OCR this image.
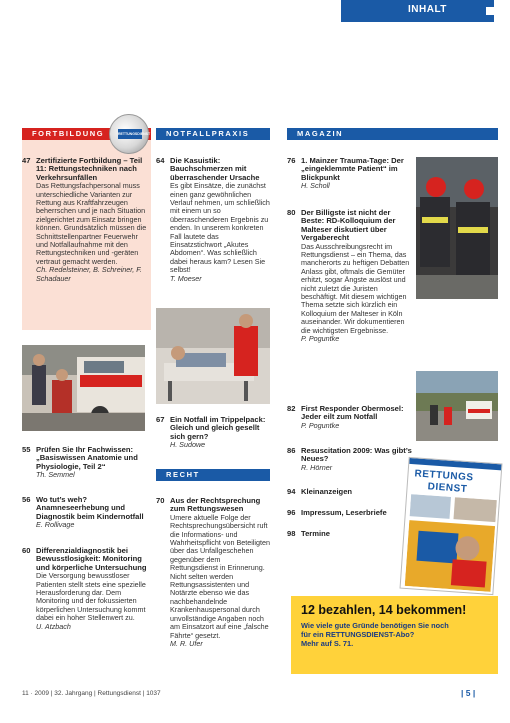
INHALT
FORTBILDUNG	NOTFALLPRAXIS	MAGAZIN
RETTUNGSDIENST
47 Zertifizierte Fortbildung – Teil 11: Rettungstechniken nach Verkehrsunfällen
Das Rettungsfachpersonal muss unterschiedliche Varianten zur Rettung aus Kraftfahrzeugen beherrschen und je nach Situation zielgerichtet zum Einsatz bringen können. Grundsätzlich müssen die Schnittstellenpartner Feuerwehr und Notfallaufnahme mit den Rettungstechniken und -geräten vertraut gemacht werden.
Ch. Redelsteiner, B. Schreiner, F. Schadauer
55 Prüfen Sie Ihr Fachwissen: „Basiswissen Anatomie und Physiologie, Teil 2“
Th. Semmel
56 Wo tut’s weh? Anamneseerhebung und Diagnostik beim Kindernotfall
E. Rollivage
60 Differenzialdiagnostik bei Bewusstlosigkeit: Monitoring und körperliche Untersuchung
Die Versorgung bewusstloser Patienten stellt stets eine spezielle Herausforderung dar. Dem Monitoring und der fokussierten körperlichen Untersuchung kommt dabei ein hoher Stellenwert zu.
U. Atzbach
64 Die Kasuistik: Bauchschmerzen mit überraschender Ursache
Es gibt Einsätze, die zunächst einen ganz gewöhnlichen Verlauf nehmen, um schließlich mit einem un so überraschenderen Ergebnis zu enden. In unserem konkreten Fall lautete das Einsatzstichwort „Akutes Abdomen“. Was schließlich dabei heraus kam? Lesen Sie selbst!
T. Moeser
67 Ein Notfall im Trippelpack: Gleich und gleich gesellt sich gern?
H. Sudowe
RECHT
70 Aus der Rechtsprechung zum Rettungswesen
Umere aktuelle Folge der Rechtsprechungsübersicht ruft die Informations- und Wahrheitspflicht von Beteiligten über das Unfallgeschehen gegenüber dem Rettungsdienst in Erinnerung. Nicht selten werden Rettungsassistenten und Notärzte ebenso wie das nachbehandelnde Krankenhauspersonal durch unvollständige Angaben noch am Einsatzort auf eine „falsche Fährte“ gesetzt.
M. R. Ufer
76 1. Mainzer Trauma-Tage: Der „eingeklemmte Patient“ im Blickpunkt
H. Scholl
80 Der Billigste ist nicht der Beste: RD-Kolloquium der Malteser diskutiert über Vergaberecht
Das Ausschreibungsrecht im Rettungsdienst – ein Thema, das mancherorts zu heftigen Debatten Anlass gibt, oftmals die Gemüter erhitzt, sogar Ängste auslöst und nicht zuletzt die Juristen beschäftigt. Mit diesem wichtigen Thema setzte sich kürzlich ein Kolloquium der Malteser in Köln auseinander. Wir dokumentieren die wichtigsten Ergebnisse.
P. Poguntke
82 First Responder Obermosel: Jeder eilt zum Notfall
P. Poguntke
86 Resuscitation 2009: Was gibt’s Neues?
R. Hörner
94 Kleinanzeigen
96 Impressum, Leserbriefe
98 Termine
RETTUNGS
DIENST
12 bezahlen, 14 bekommen!
Wie viele gute Gründe benötigen Sie noch
für ein RETTUNGSDIENST-Abo?
Mehr auf S. 71.
11 · 2009 | 32. Jahrgang | Rettungsdienst | 1037	| 5 |
